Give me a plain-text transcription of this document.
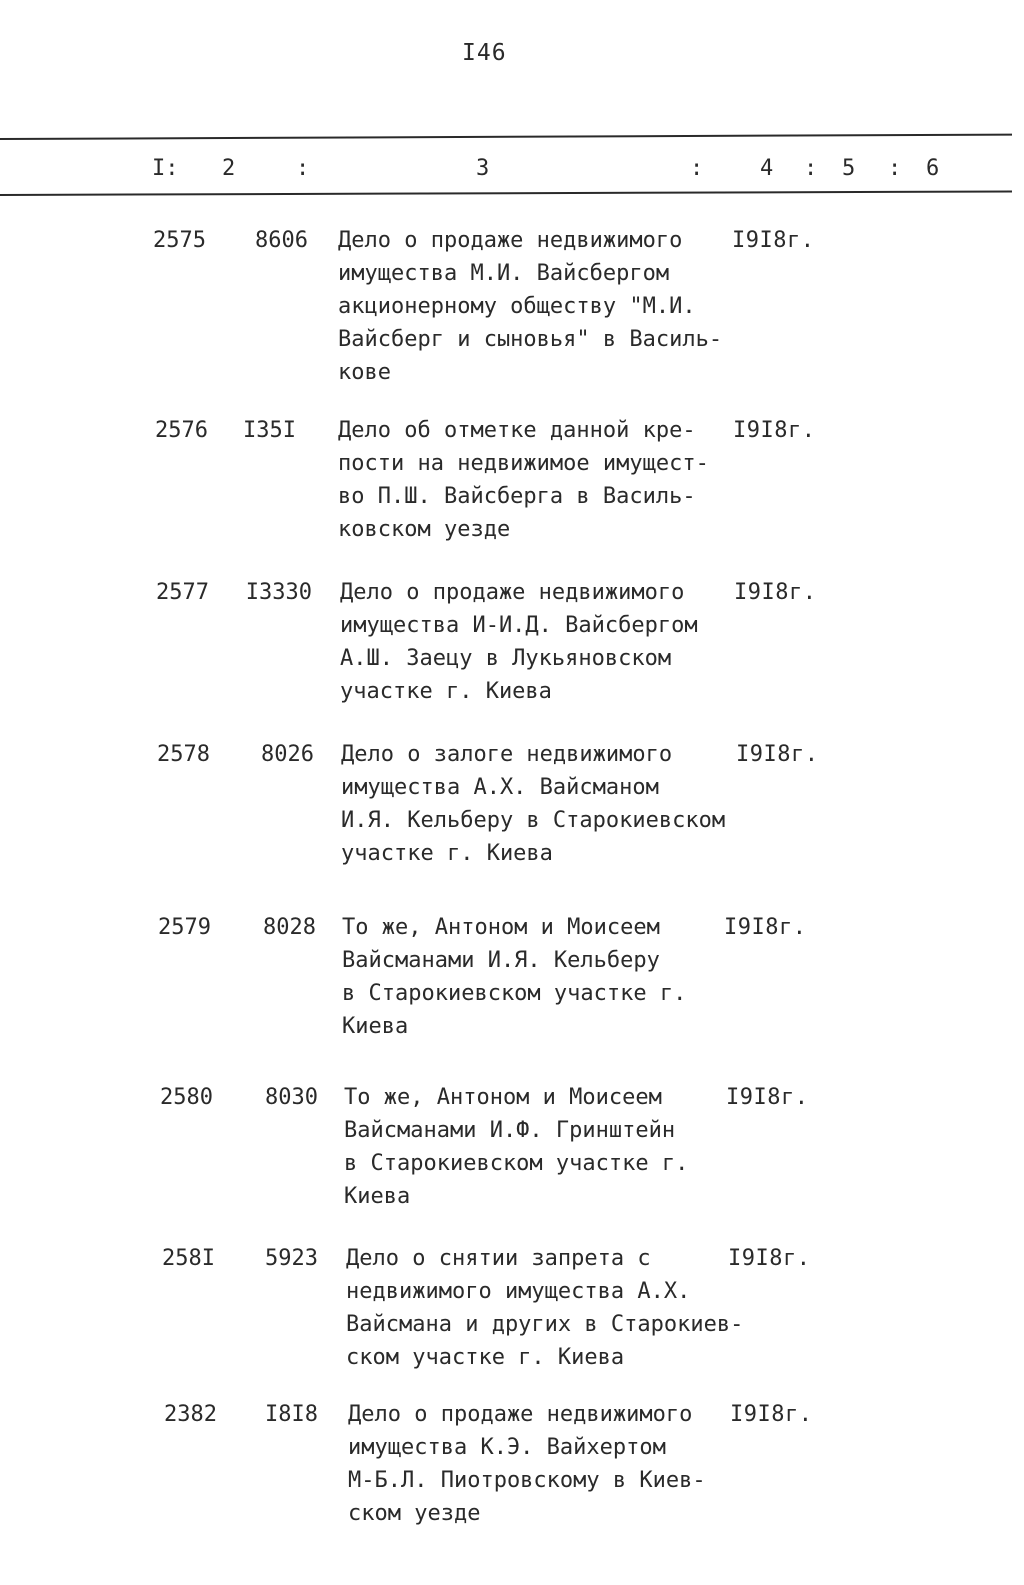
I46
I: 2	:	3	:	4 : 5 : 6
2575	8606 Дело о продаже недвижимого
имущества М.И. Вайсбергом
акционерному обществу "М.И.
Вайсберг и сыновья" в Василь-
кове
I9I8г.
2576	I35I Дело об отметке данной кре-
пости на недвижимое имущест-
во П.Ш. Вайсберга в Василь-
ковском уезде
I9I8г.
2577	I3330 Дело о продаже недвижимого
имущества И-И.Д. Вайсбергом
А.Ш. Заецу в Лукьяновском
участке г. Киева
I9I8г.
2578	8026 Дело о залоге недвижимого
имущества А.Х. Вайсманом
И.Я. Кельберу в Старокиевском
участке г. Киева
I9I8г.
2579	8028 То же, Антоном и Моисеем
Вайсманами И.Я. Кельберу
в Старокиевском участке г.
Киева
I9I8г.
2580	8030 То же, Антоном и Моисеем
Вайсманами И.Ф. Гринштейн
в Старокиевском участке г.
Киева
I9I8г.
258I	5923 Дело о снятии запрета с
недвижимого имущества А.Х.
Вайсмана и других в Старокиев-
ском участке г. Киева
I9I8г.
2382	I8I8 Дело о продаже недвижимого
имущества К.Э. Вайхертом
М-Б.Л. Пиотровскому в Киев-
ском уезде
I9I8г.
